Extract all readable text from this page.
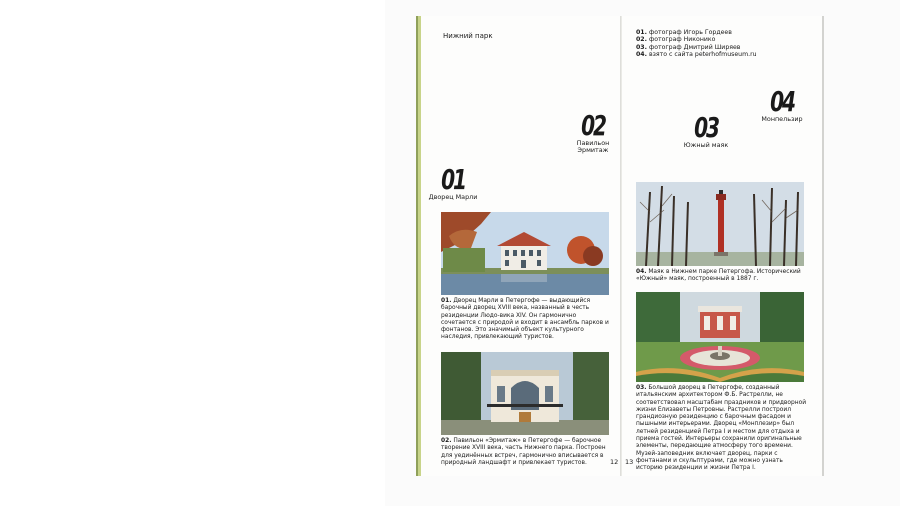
Нижний парк
02
Павильон
Эрмитаж
01
Дворец Марли
01. Дворец Марли в Петергофе — выдающийся барочный дворец XVIII века, названный в честь резиденции Людо-вика XIV. Он гармонично сочетается с природой и входит в ансамбль парков и фонтанов. Это значимый объект культурного наследия, привлекающий туристов.
02. Павильон «Эрмитаж» в Петергофе — барочное творение XVIII века, часть Нижнего парка. Построен для уединённых встреч, гармонично вписывается в природный ландшафт и привлекает туристов.	12
01. фотограф Игорь Гордеев
02. фотограф Никонико
03. фотограф Дмитрий Ширяев
04. взято с сайта peterhofmuseum.ru
04
Монпельзир
03
Южный маяк
04. Маяк в Нижнем парке Петергофа. Исторический «Южный» маяк, построенный в 1887 г.
03. Большой дворец в Петергофе, созданный итальянским архитектором Ф.Б. Растрелли, не соответствовал масштабам праздников и придворной жизни Елизаветы Петровны. Растрелли построил грандиозную резиденцию с барочным фасадом и пышными интерьерами. Дворец «Монплезир» был летней резиденцией Петра I и местом для отдыха и приема гостей. Интерьеры сохранили оригинальные элементы, передающие атмосферу того времени. Музей-заповедник включает дворец, парки с фонтанами и скульптурами, где можно узнать историю резиденции и жизни Петра I.
13
